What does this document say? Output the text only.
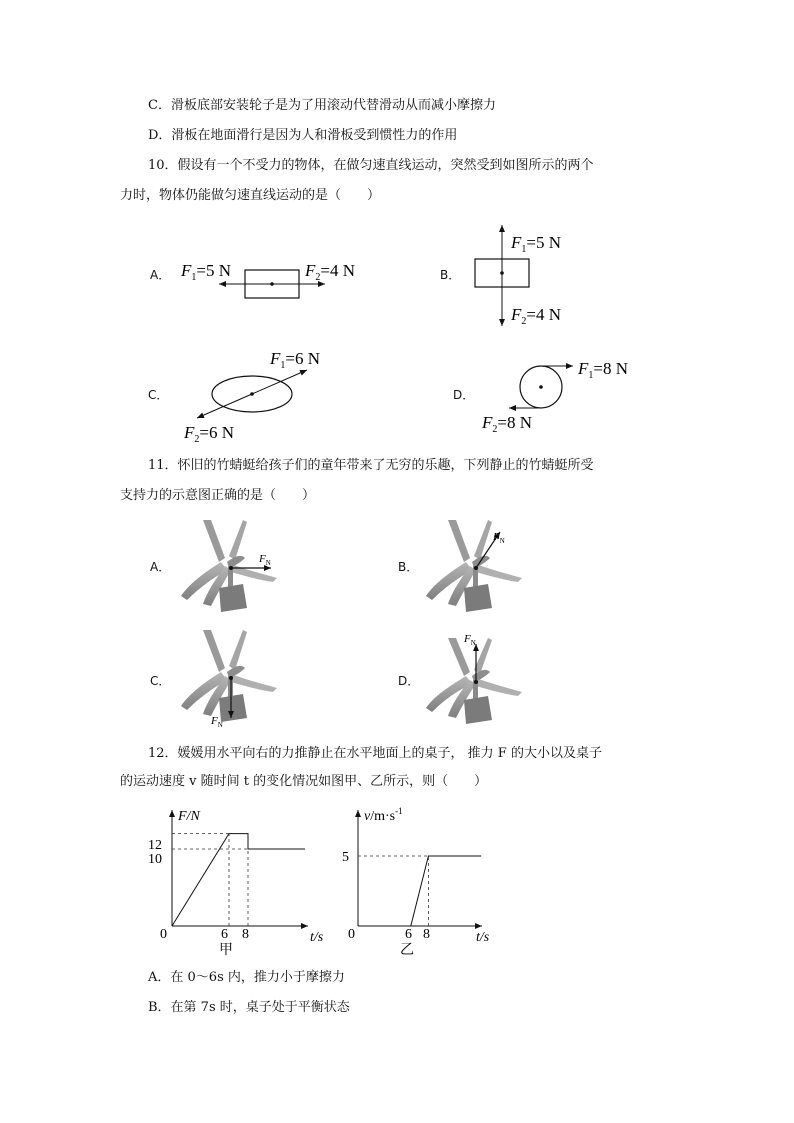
C．滑板底部安装轮子是为了用滚动代替滑动从而减小摩擦力
D．滑板在地面滑行是因为人和滑板受到惯性力的作用
10．假设有一个不受力的物体，在做匀速直线运动，突然受到如图所示的两个
力时，物体仍能做匀速直线运动的是（　　）
A． $F_1=5$ N	$F_2=4$ N	B．
$F_1=5$ N
$F_2=4$ N
C．
$F_1=6$ N
$F_2=6$ N
D．
$F_1=8$ N
$F_2=8$ N
11．怀旧的竹蜻蜓给孩子们的童年带来了无穷的乐趣，下列静止的竹蜻蜓所受
支持力的示意图正确的是（　　）
A．
$F_N$	B．
$F_N$
C．
$F_N$
D．
$F_N$
12．媛媛用水平向右的力推静止在水平地面上的桌子， 推力 F 的大小以及桌子
的运动速度 v 随时间 t 的变化情况如图甲、乙所示，则（　　）
F/N
t/s
0
12
10
6 8
甲
$v/m\cdot s^{-1}$
t/s
0
5
6 8
乙
A．在 0～6s 内，推力小于摩擦力
B．在第 7s 时，桌子处于平衡状态
